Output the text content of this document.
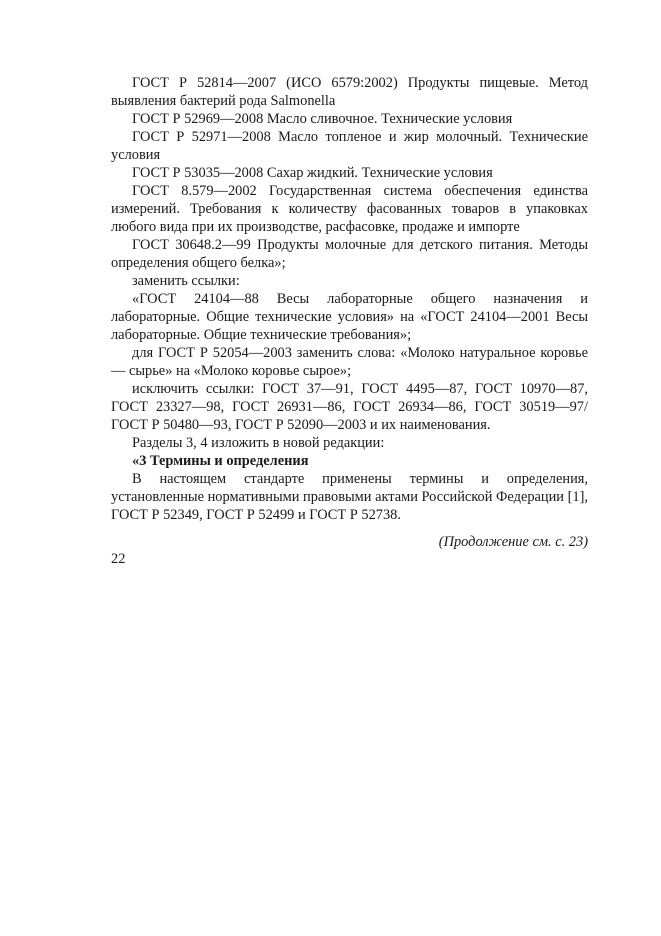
ГОСТ Р 52814—2007 (ИСО 6579:2002) Продукты пищевые. Метод выявления бактерий рода Salmonella

ГОСТ Р 52969—2008 Масло сливочное. Технические условия

ГОСТ Р 52971—2008 Масло топленое и жир молочный. Технические условия

ГОСТ Р 53035—2008 Сахар жидкий. Технические условия

ГОСТ 8.579—2002 Государственная система обеспечения единства измерений. Требования к количеству фасованных товаров в упаковках любого вида при их производстве, расфасовке, продаже и импорте

ГОСТ 30648.2—99 Продукты молочные для детского питания. Методы определения общего белка»;

заменить ссылки:

«ГОСТ 24104—88 Весы лабораторные общего назначения и лабораторные. Общие технические условия» на «ГОСТ 24104—2001 Весы лабораторные. Общие технические требования»;

для ГОСТ Р 52054—2003 заменить слова: «Молоко натуральное коровье — сырье» на «Молоко коровье сырое»;

исключить ссылки: ГОСТ 37—91, ГОСТ 4495—87, ГОСТ 10970—87, ГОСТ 23327—98, ГОСТ 26931—86, ГОСТ 26934—86, ГОСТ 30519—97/ГОСТ Р 50480—93, ГОСТ Р 52090—2003 и их наименования.

Разделы 3, 4 изложить в новой редакции:

«3 Термины и определения

В настоящем стандарте применены термины и определения, установленные нормативными правовыми актами Российской Федерации [1], ГОСТ Р 52349, ГОСТ Р 52499 и ГОСТ Р 52738.

(Продолжение см. с. 23)

22
